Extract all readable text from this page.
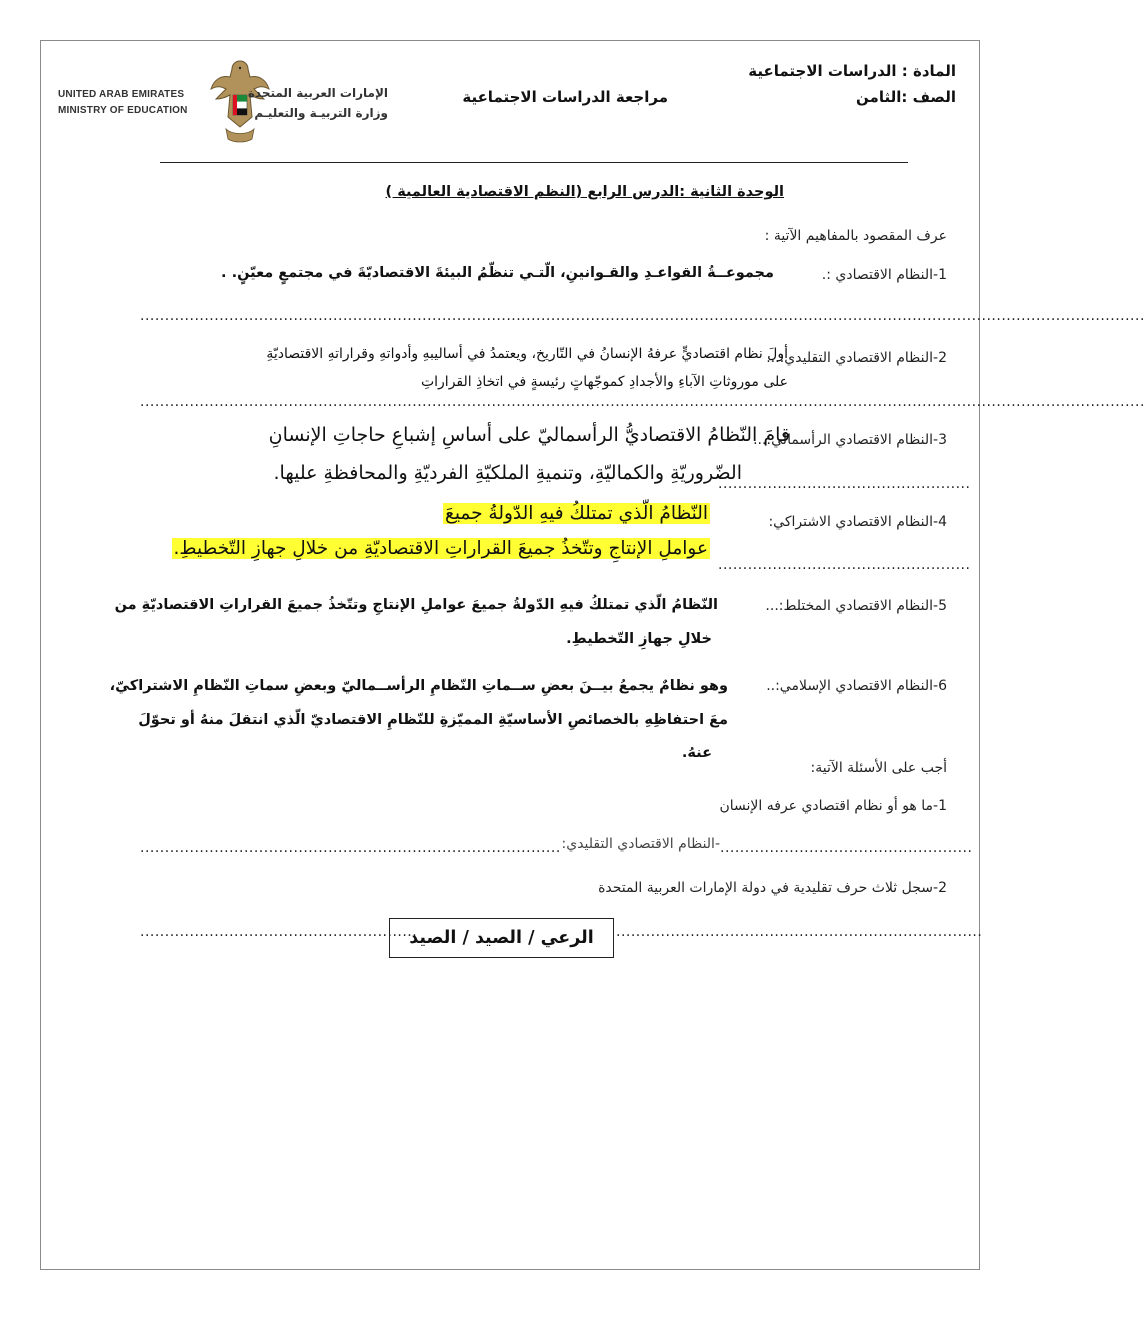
UNITED ARAB EMIRATES
MINISTRY OF EDUCATION
الإمارات العربية المتحدة
وزارة التربيـة والتعليـم
المادة : الدراسات الاجتماعية
الصف :الثامن
مراجعة الدراسات الاجتماعية
الوحدة الثانية :الدرس الرابع (النظم الاقتصادية العالمية )
عرف المقصود بالمفاهيم الآتية :
1-النظام الاقتصادي :.
مجموعــةُ القواعـدِ والقـوانينِ، الّتـي تنظّمُ البيئةَ الاقتصاديّةَ في مجتمعٍ معيّنٍ. .
...........................................................................................................................................................................................................
2-النظام الاقتصادي التقليدي:...
أولَ نظام اقتصاديٍّ عرفهُ الإنسانُ في التّاريخ، ويعتمدُ في أساليبهِ وأدواتهِ وقراراتهِ الاقتصاديّةِ
على موروثاتِ الآباءِ والأجدادِ كموجّهاتٍ رئيسةٍ في اتخاذِ القراراتِ
...........................................................................................................................................................................................................
3-النظام الاقتصادي الرأسمالي:...
قامَ النّظامُ الاقتصاديُّ الرأسماليّ على أساسِ إشباعِ حاجاتِ الإنسانِ
الضّروريّةِ والكماليّةِ، وتنميةِ الملكيّةِ الفرديّةِ والمحافظةِ عليها.
...................................................
4-النظام الاقتصادي الاشتراكي:
النّظامُ الّذي تمتلكُ فيهِ الدّولةُ جميعَ
عواملِ الإنتاجِ وتتّخذُ جميعَ القراراتِ الاقتصاديّةِ من خلالِ جهازِ التّخطيطِ.
...................................................
5-النظام الاقتصادي المختلط:...
النّظامُ الّذي تمتلكُ فيهِ الدّولةُ جميعَ عواملِ الإنتاجِ وتتّخذُ جميعَ القراراتِ الاقتصاديّةِ من
خلالِ جهازِ التّخطيطِ.
6-النظام الاقتصادي الإسلامي:..
وهو نظامٌ يجمعُ بيــنَ بعضِ ســماتِ النّظامِ الرأســماليّ وبعضِ سماتِ النّظامِ الاشتراكيّ،
معَ احتفاظِهِ بالخصائصِ الأساسيّةِ المميّزةِ للنّظامِ الاقتصاديّ الّذي انتقلَ منهُ أو تحوّلَ
عنهُ.
أجب على الأسئلة الآتية:
1-ما هو أو نظام اقتصادي عرفه الإنسان
...................................................
-النظام الاقتصادي التقليدي:
.....................................................................................
2-سجل ثلاث حرف تقليدية في دولة الإمارات العربية المتحدة
........................................................
الرعي / الصيد / الصيد ..........................................................................
